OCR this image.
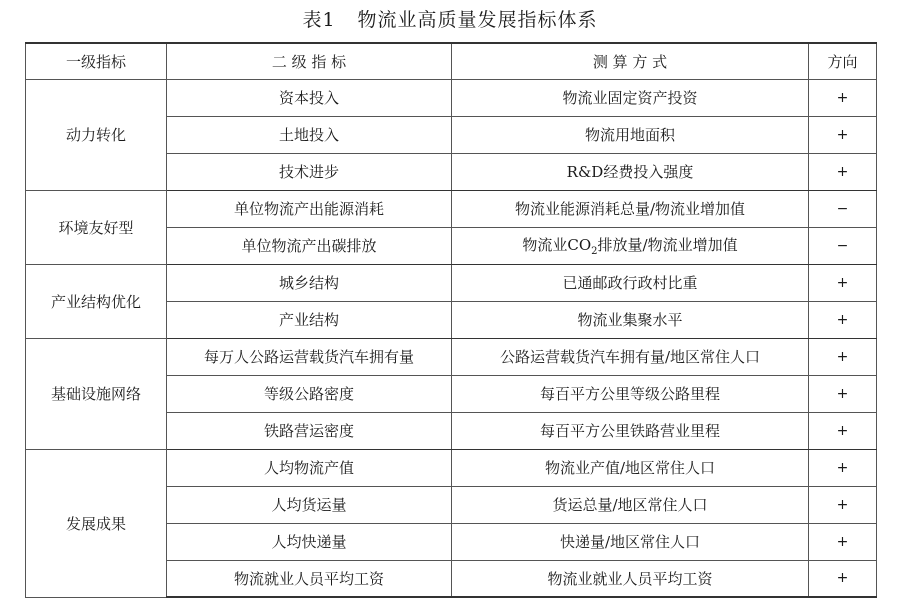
表1 物流业高质量发展指标体系
一级指标	二 级 指 标	测 算 方 式	方向
动力转化	资本投入	物流业固定资产投资	+
	土地投入	物流用地面积	+
	技术进步	R&D经费投入强度	+
环境友好型	单位物流产出能源消耗	物流业能源消耗总量/物流业增加值	−
	单位物流产出碳排放	物流业$CO_2$排放量/物流业增加值	−
产业结构优化	城乡结构	已通邮政行政村比重	+
	产业结构	物流业集聚水平	+
基础设施网络	每万人公路运营载货汽车拥有量	公路运营载货汽车拥有量/地区常住人口	+
	等级公路密度	每百平方公里等级公路里程	+
	铁路营运密度	每百平方公里铁路营业里程	+
发展成果	人均物流产值	物流业产值/地区常住人口	+
	人均货运量	货运总量/地区常住人口	+
	人均快递量	快递量/地区常住人口	+
	物流就业人员平均工资	物流业就业人员平均工资	+
